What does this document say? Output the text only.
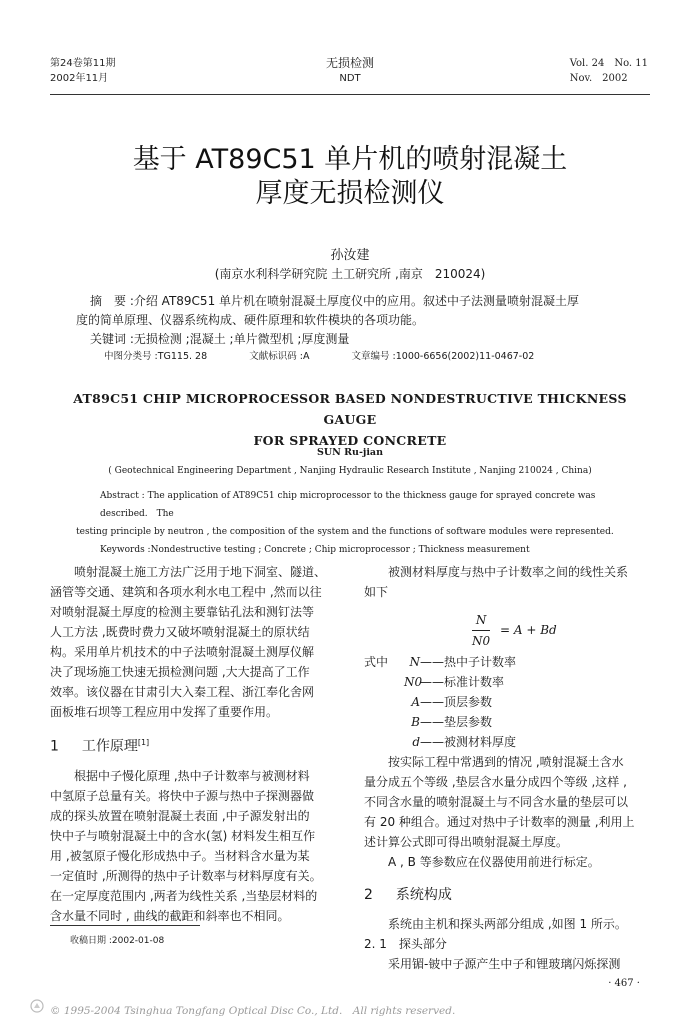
第24卷第11期
2002年11月
无损检测
NDT
Vol. 24　No. 11
Nov.　2002
基于 AT89C51 单片机的喷射混凝土
厚度无损检测仪
孙汝建
(南京水利科学研究院 土工研究所 ,南京　210024)

摘　要 :介绍 AT89C51 单片机在喷射混凝土厚度仪中的应用。叙述中子法测量喷射混凝土厚

度的简单原理、仪器系统构成、硬件原理和软件模块的各项功能。

关键词 :无损检测 ;混凝土 ;单片微型机 ;厚度测量

中图分类号 :TG115. 28	文献标识码 :A	文章编号 :1000-6656(2002)11-0467-02

AT89C51 CHIP MICROPROCESSOR BASED NONDESTRUCTIVE THICKNESS GAUGE
FOR SPRAYED CONCRETE
SUN Ru-jian
( Geotechnical Engineering Department , Nanjing Hydraulic Research Institute , Nanjing 210024 , China)

Abstract : The application of AT89C51 chip microprocessor to the thickness gauge for sprayed concrete was described.　The

testing principle by neutron , the composition of the system and the functions of software modules were represented.

Keywords :Nondestructive testing ; Concrete ; Chip microprocessor ; Thickness measurement

喷射混凝土施工方法广泛用于地下洞室、隧道、

涵管等交通、建筑和各项水利水电工程中 ,然而以往

对喷射混凝土厚度的检测主要靠钻孔法和测钉法等

人工方法 ,既费时费力又破坏喷射混凝土的原状结

构。采用单片机技术的中子法喷射混凝土测厚仪解

决了现场施工快速无损检测问题 ,大大提高了工作

效率。该仪器在甘肃引大入秦工程、浙江奉化舍网

面板堆石坝等工程应用中发挥了重要作用。

1 工作原理[1]

根据中子慢化原理 ,热中子计数率与被测材料

中氢原子总量有关。将快中子源与热中子探测器做

成的探头放置在喷射混凝土表面 ,中子源发射出的

快中子与喷射混凝土中的含水(氢) 材料发生相互作

用 ,被氢原子慢化形成热中子。当材料含水量为某

一定值时 ,所测得的热中子计数率与材料厚度有关。

在一定厚度范围内 ,两者为线性关系 ,当垫层材料的

含水量不同时 , 曲线的截距和斜率也不相同。

收稿日期 :2002-01-08

被测材料厚度与热中子计数率之间的线性关系

如下

$\frac{N}{N0} = A + Bd$
式中 N——热中子计数率
N0——标准计数率
A——顶层参数
B——垫层参数
d——被测材料厚度

按实际工程中常遇到的情况 ,喷射混凝土含水

量分成五个等级 ,垫层含水量分成四个等级 ,这样 ,

不同含水量的喷射混凝土与不同含水量的垫层可以

有 20 种组合。通过对热中子计数率的测量 ,利用上

述计算公式即可得出喷射混凝土厚度。

A , B 等参数应在仪器使用前进行标定。

2 系统构成

系统由主机和探头两部分组成 ,如图 1 所示。

2. 1　探头部分

采用镅-铍中子源产生中子和锂玻璃闪烁探测

· 467 ·
© 1995-2004 Tsinghua Tongfang Optical Disc Co., Ltd.　All rights reserved.
